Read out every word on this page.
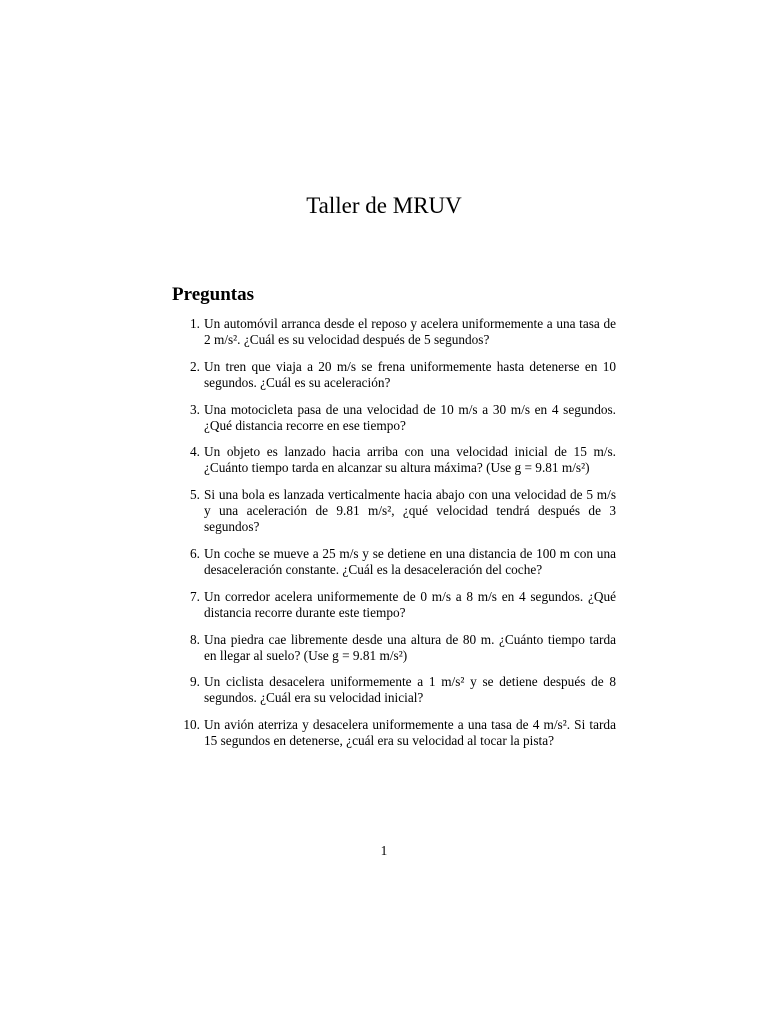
Taller de MRUV
Preguntas
1. Un automóvil arranca desde el reposo y acelera uniformemente a una tasa de 2 m/s². ¿Cuál es su velocidad después de 5 segundos?
2. Un tren que viaja a 20 m/s se frena uniformemente hasta detenerse en 10 segundos. ¿Cuál es su aceleración?
3. Una motocicleta pasa de una velocidad de 10 m/s a 30 m/s en 4 segundos. ¿Qué distancia recorre en ese tiempo?
4. Un objeto es lanzado hacia arriba con una velocidad inicial de 15 m/s. ¿Cuánto tiempo tarda en alcanzar su altura máxima? (Use g = 9.81 m/s²)
5. Si una bola es lanzada verticalmente hacia abajo con una velocidad de 5 m/s y una aceleración de 9.81 m/s², ¿qué velocidad tendrá después de 3 segundos?
6. Un coche se mueve a 25 m/s y se detiene en una distancia de 100 m con una desaceleración constante. ¿Cuál es la desaceleración del coche?
7. Un corredor acelera uniformemente de 0 m/s a 8 m/s en 4 segundos. ¿Qué distancia recorre durante este tiempo?
8. Una piedra cae libremente desde una altura de 80 m. ¿Cuánto tiempo tarda en llegar al suelo? (Use g = 9.81 m/s²)
9. Un ciclista desacelera uniformemente a 1 m/s² y se detiene después de 8 segundos. ¿Cuál era su velocidad inicial?
10. Un avión aterriza y desacelera uniformemente a una tasa de 4 m/s². Si tarda 15 segundos en detenerse, ¿cuál era su velocidad al tocar la pista?
1
